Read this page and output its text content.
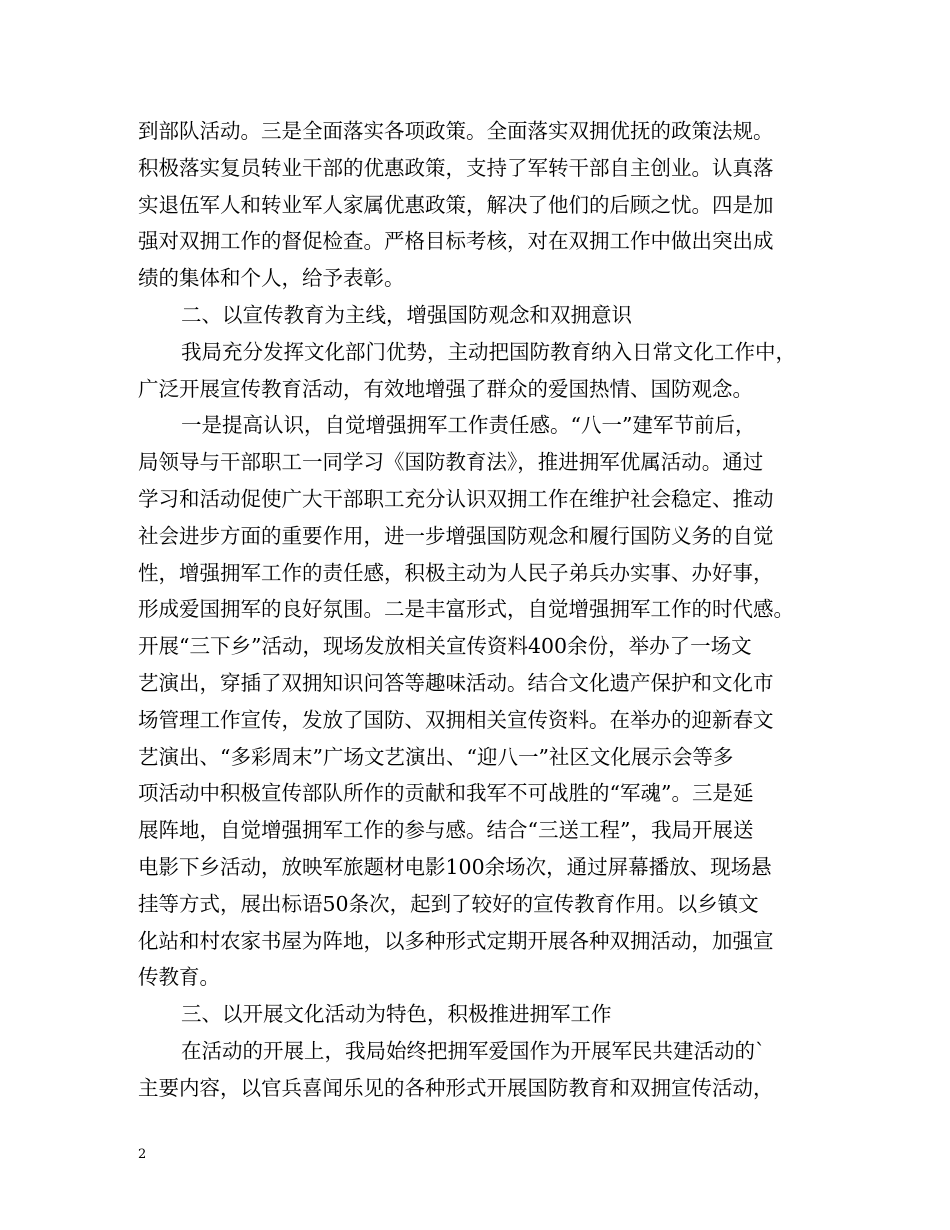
到部队活动。三是全面落实各项政策。全面落实双拥优抚的政策法规。
积极落实复员转业干部的优惠政策，支持了军转干部自主创业。认真落
实退伍军人和转业军人家属优惠政策，解决了他们的后顾之忧。四是加
强对双拥工作的督促检查。严格目标考核，对在双拥工作中做出突出成
绩的集体和个人，给予表彰。
二、以宣传教育为主线，增强国防观念和双拥意识
我局充分发挥文化部门优势，主动把国防教育纳入日常文化工作中，
广泛开展宣传教育活动，有效地增强了群众的爱国热情、国防观念。
一是提高认识，自觉增强拥军工作责任感。“八一”建军节前后，
局领导与干部职工一同学习《国防教育法》，推进拥军优属活动。通过
学习和活动促使广大干部职工充分认识双拥工作在维护社会稳定、推动
社会进步方面的重要作用，进一步增强国防观念和履行国防义务的自觉
性，增强拥军工作的责任感，积极主动为人民子弟兵办实事、办好事，
形成爱国拥军的良好氛围。二是丰富形式，自觉增强拥军工作的时代感。
开展“三下乡”活动，现场发放相关宣传资料400余份，举办了一场文
艺演出，穿插了双拥知识问答等趣味活动。结合文化遗产保护和文化市
场管理工作宣传，发放了国防、双拥相关宣传资料。在举办的迎新春文
艺演出、“多彩周末”广场文艺演出、“迎八一”社区文化展示会等多
项活动中积极宣传部队所作的贡献和我军不可战胜的“军魂”。三是延
展阵地，自觉增强拥军工作的参与感。结合“三送工程”，我局开展送
电影下乡活动，放映军旅题材电影100余场次，通过屏幕播放、现场悬
挂等方式，展出标语50条次，起到了较好的宣传教育作用。以乡镇文
化站和村农家书屋为阵地，以多种形式定期开展各种双拥活动，加强宣
传教育。
三、以开展文化活动为特色，积极推进拥军工作
在活动的开展上，我局始终把拥军爱国作为开展军民共建活动的`
主要内容，以官兵喜闻乐见的各种形式开展国防教育和双拥宣传活动，
2
